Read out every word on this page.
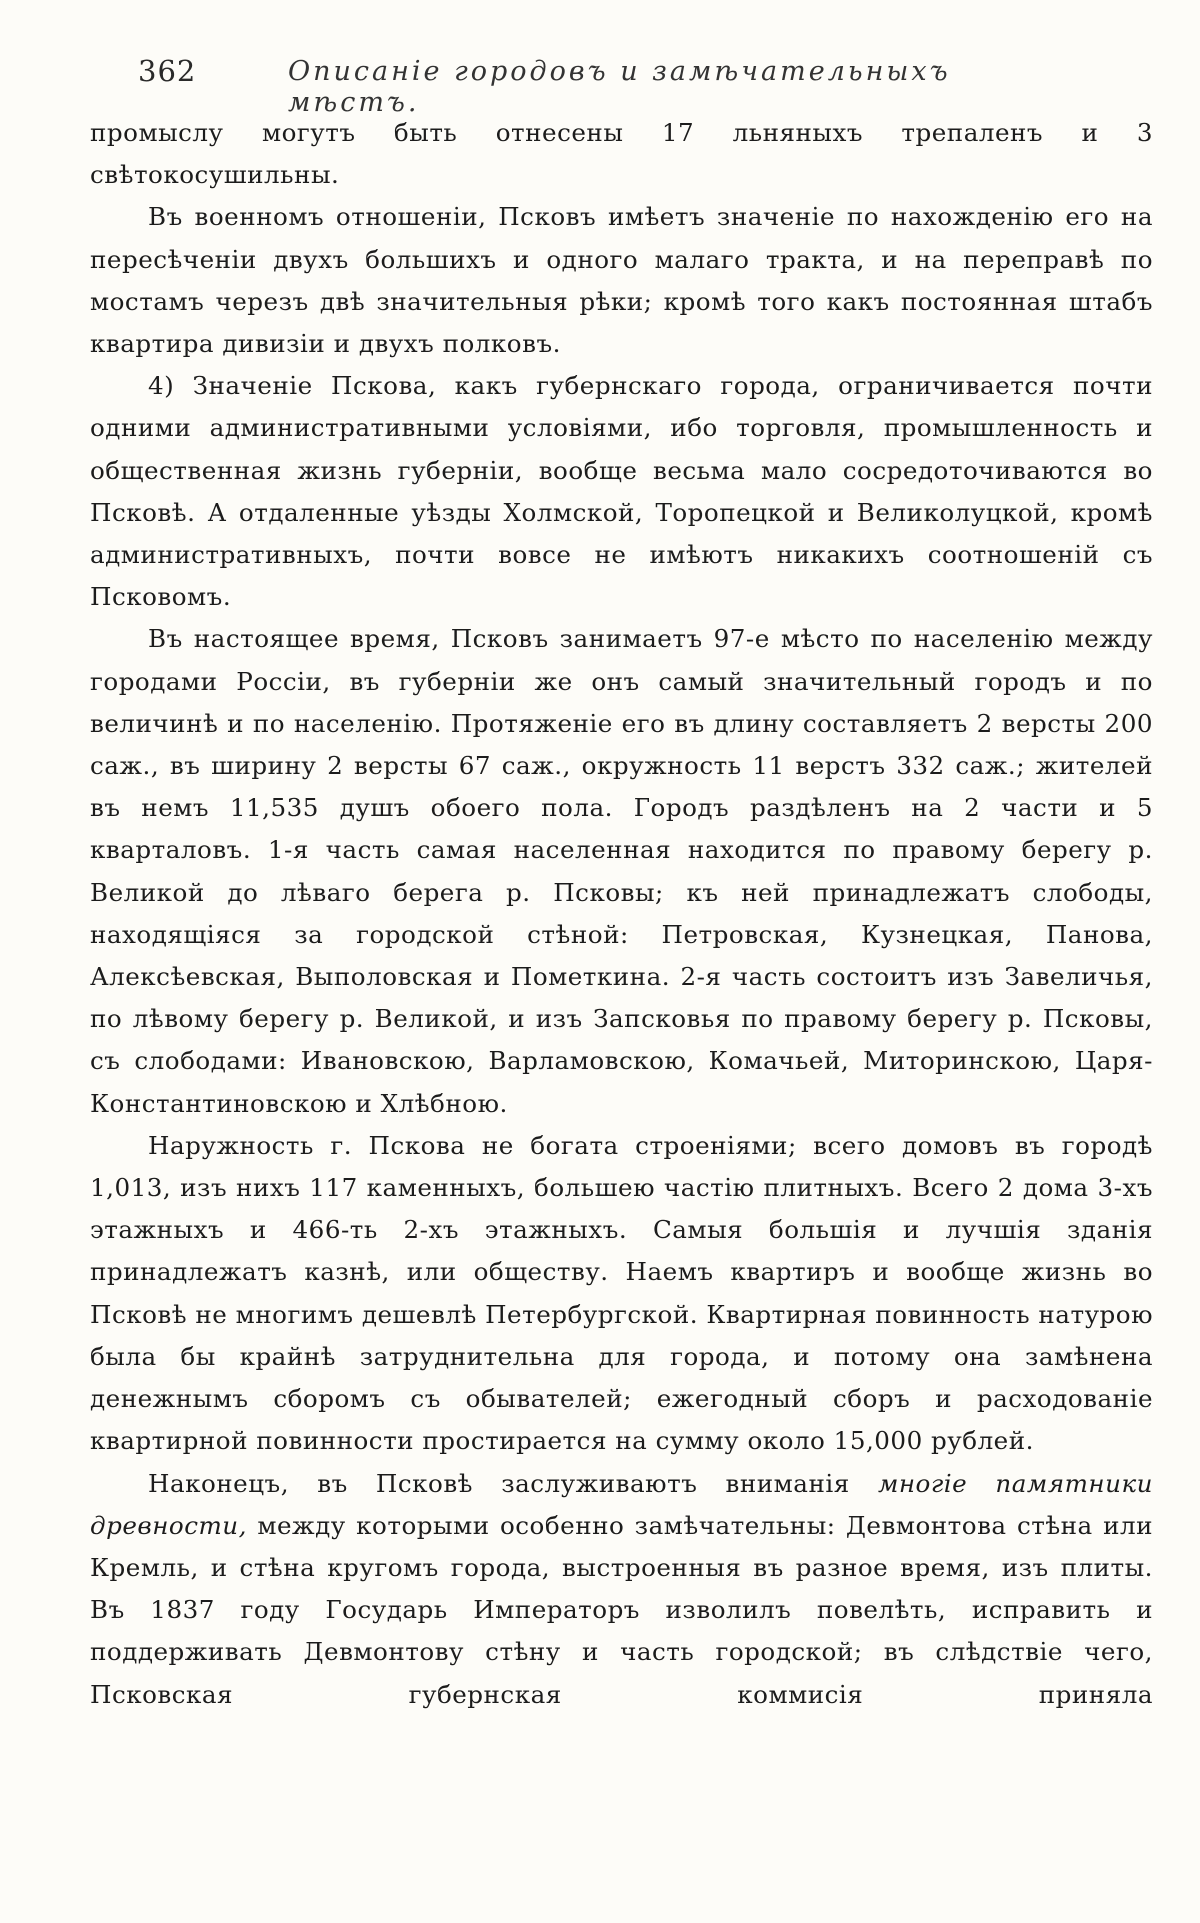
362	Описаніе городовъ и замѣчательныхъ мѣстъ.

промыслу могутъ быть отнесены 17 льняныхъ трепаленъ и 3 свѣтокосушильны.

Въ военномъ отношеніи, Псковъ имѣетъ значеніе по нахожденію его на пересѣченіи двухъ большихъ и одного малаго тракта, и на переправѣ по мостамъ черезъ двѣ значительныя рѣки; кромѣ того какъ постоянная штабъ квартира дивизіи и двухъ полковъ.

4) Значеніе Пскова, какъ губернскаго города, ограничивается почти одними административными условіями, ибо торговля, промышленность и общественная жизнь губерніи, вообще весьма мало сосредоточиваются во Псковѣ. А отдаленные уѣзды Холмской, Торопецкой и Великолуцкой, кромѣ административныхъ, почти вовсе не имѣютъ никакихъ соотношеній съ Псковомъ.

Въ настоящее время, Псковъ занимаетъ 97-е мѣсто по населенію между городами Россіи, въ губерніи же онъ самый значительный городъ и по величинѣ и по населенію. Протяженіе его въ длину составляетъ 2 версты 200 саж., въ ширину 2 версты 67 саж., окружность 11 верстъ 332 саж.; жителей въ немъ 11,535 душъ обоего пола. Городъ раздѣленъ на 2 части и 5 кварталовъ. 1-я часть самая населенная находится по правому берегу р. Великой до лѣваго берега р. Псковы; къ ней принадлежатъ слободы, находящіяся за городской стѣной: Петровская, Кузнецкая, Панова, Алексѣевская, Выполовская и Пометкина. 2-я часть состоитъ изъ Завеличья, по лѣвому берегу р. Великой, и изъ Запсковья по правому берегу р. Псковы, съ слободами: Ивановскою, Варламовскою, Комачьей, Миторинскою, Царя-Константиновскою и Хлѣбною.

Наружность г. Пскова не богата строеніями; всего домовъ въ городѣ 1,013, изъ нихъ 117 каменныхъ, большею частію плитныхъ. Всего 2 дома 3-хъ этажныхъ и 466-ть 2-хъ этажныхъ. Самыя большія и лучшія зданія принадлежатъ казнѣ, или обществу. Наемъ квартиръ и вообще жизнь во Псковѣ не многимъ дешевлѣ Петербургской. Квартирная повинность натурою была бы крайнѣ затруднительна для города, и потому она замѣнена денежнымъ сборомъ съ обывателей; ежегодный сборъ и расходованіе квартирной повинности простирается на сумму около 15,000 рублей.

Наконецъ, въ Псковѣ заслуживаютъ вниманія многіе памятники древности, между которыми особенно замѣчательны: Девмонтова стѣна или Кремль, и стѣна кругомъ города, выстроенныя въ разное время, изъ плиты. Въ 1837 году Государь Императоръ изволилъ повелѣть, исправить и поддерживать Девмонтову стѣну и часть городской; въ слѣдствіе чего, Псковская губернская коммисія приняла
